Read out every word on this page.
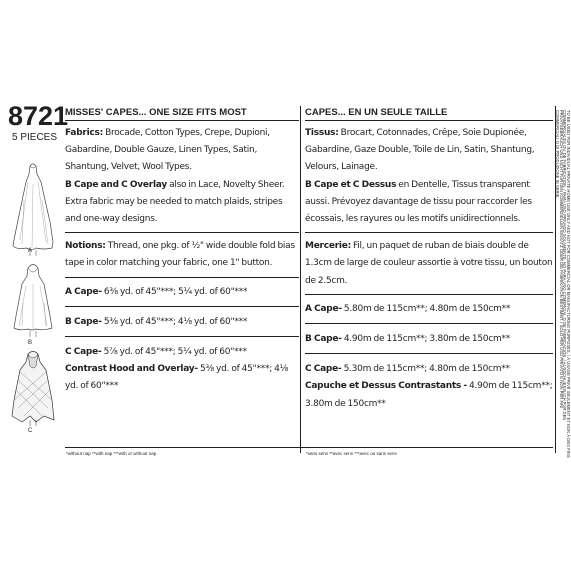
8721
5 PIECES
A
B
C
MISSES' CAPES... ONE SIZE FITS MOST
Fabrics: Brocade, Cotton Types, Crepe, Dupioni, Gabardine, Double Gauze, Linen Types, Satin, Shantung, Velvet, Wool Types.
B Cape and C Overlay also in Lace, Novelty Sheer. Extra fabric may be needed to match plaids, stripes and one-way designs.
Notions: Thread, one pkg. of ½" wide double fold bias tape in color matching your fabric, one 1" button.
A Cape- 6⅜ yd. of 45"***; 5¼ yd. of 60"***
B Cape- 5⅜ yd. of 45"***; 4⅛ yd. of 60"***
C Cape- 5⅞ yd. of 45"***; 5¼ yd. of 60"***
Contrast Hood and Overlay- 5⅜ yd. of 45"***; 4⅛ yd. of 60"***
CAPES... EN UN SEULE TAILLE
Tissus: Brocart, Cotonnades, Crêpe, Soie Dupionée, Gabardine, Gaze Double, Toile de Lin, Satin, Shantung, Velours, Lainage.
B Cape et C Dessus en Dentelle, Tissus transparent aussi. Prévoyez davantage de tissu pour raccorder les écossais, les rayures ou les motifs unidirectionnels.
Mercerie: Fil, un paquet de ruban de biais double de 1.3cm de large de couleur assortie à votre tissu, un bouton de 2.5cm.
A Cape- 5.80m de 115cm**; 4.80m de 150cm**
B Cape- 4.90m de 115cm**; 3.80m de 150cm**
C Cape- 5.30m de 115cm**; 4.80m de 150cm**
Capuche et Dessus Contrastants - 4.90m de 115cm**; 3.80m de 150cm**
*without nap **with nap ***with or without nap	*sans sens **avec sens ***avec ou sans sens	TO BE USED FOR INDIVIDUAL PRIVATE HOME USE ONLY AND NOT FOR COMMERCIAL OR MANUFACTURING PURPOSES. / À USAGE PRIVÉ SEULEMENT ET NON À DES FINS
COMMERCIALES OU DE FABRICATION. / PARA USO PRIVADO SOLAMENTE, NO PARA USO COMERCIAL O DE FABRICACIÓN. / AUSSCHLIESSLICH FÜR DEN
PRIVATGEBRAUCH UND NICHT FÜR DEN KOMMERZIELLEN EINSATZ ODER DIE FABRIKATION BESTIMMT. / SOLO PER USO PRIVATO E NON PER FINI
COMMERCIALI O DI PRODUZIONE IN SERIE.
